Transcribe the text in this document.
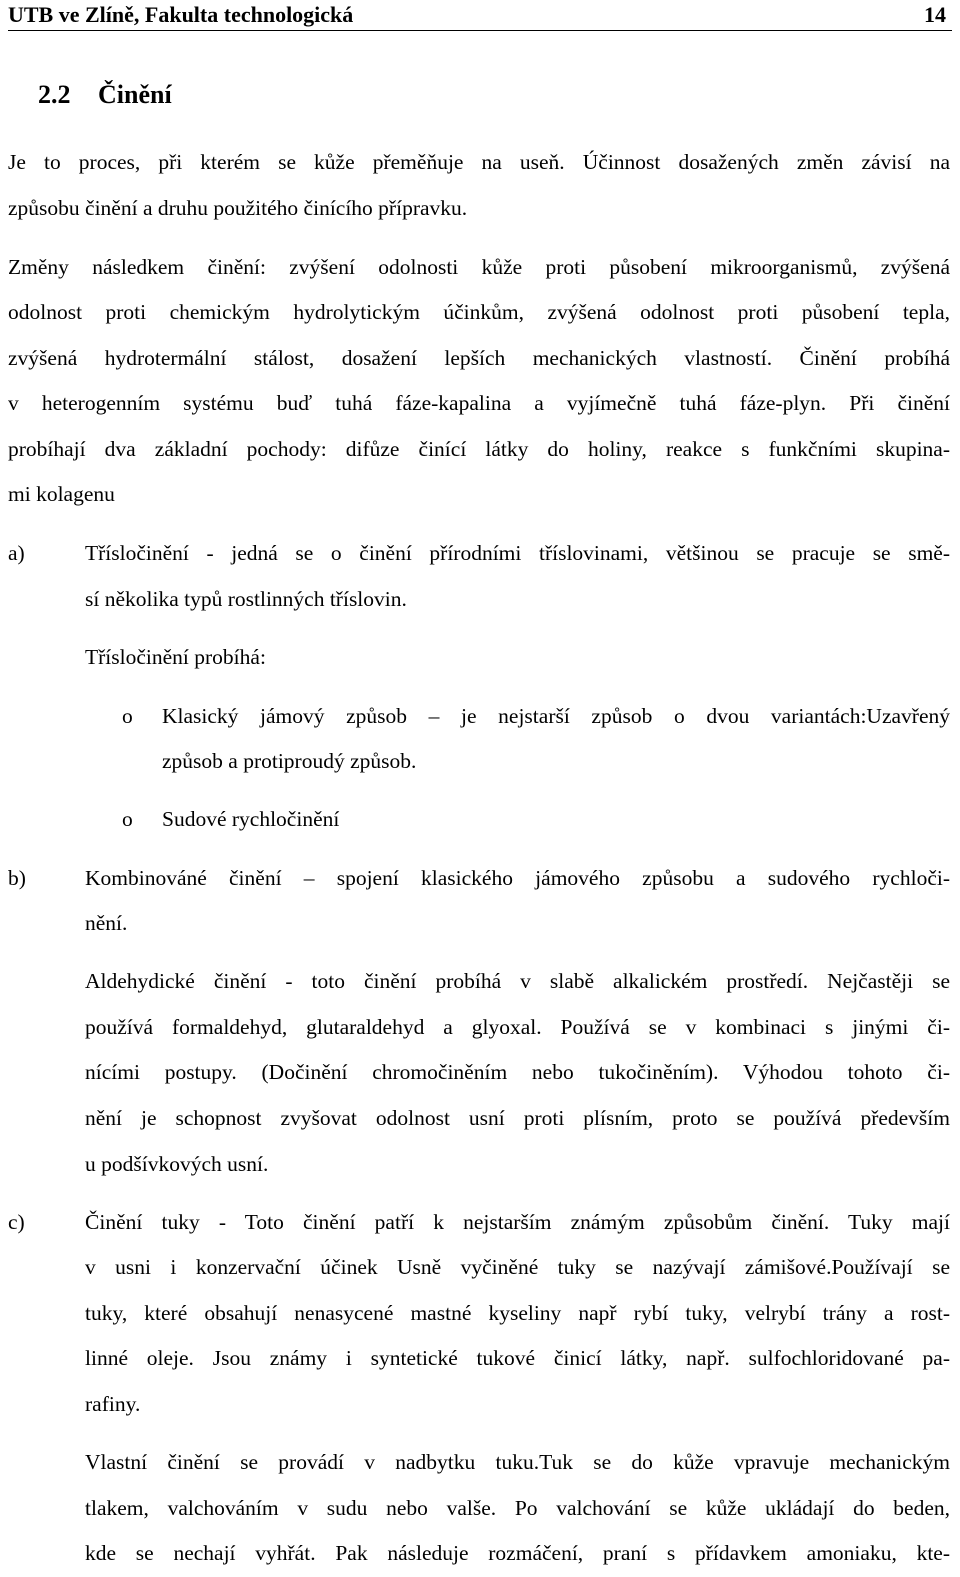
UTB ve Zlíně, Fakulta technologická	14
2.2 Činění
Je to proces, při kterém se kůže přeměňuje na useň. Účinnost dosažených změn závisí na
způsobu činění a druhu použitého činícího přípravku.
Změny následkem činění: zvýšení odolnosti kůže proti působení mikroorganismů, zvýšená
odolnost proti chemickým hydrolytickým účinkům, zvýšená odolnost proti působení tepla,
zvýšená hydrotermální stálost, dosažení lepších mechanických vlastností. Činění probíhá
v heterogenním systému buď tuhá fáze-kapalina a vyjímečně tuhá fáze-plyn. Při činění
probíhají dva základní pochody: difůze činící látky do holiny, reakce s funkčními skupina-
mi kolagenu
a)	Třísločinění - jedná se o činění přírodními tříslovinami, většinou se pracuje se smě-
sí několika typů rostlinných tříslovin.
Třísločinění probíhá:
o Klasický jámový způsob – je nejstarší způsob o dvou variantách:Uzavřený
způsob a protiproudý způsob.
o Sudové rychločinění
b)	Kombinováné činění – spojení klasického jámového způsobu a sudového rychloči-
nění.
Aldehydické činění - toto činění probíhá v slabě alkalickém prostředí. Nejčastěji se
používá formaldehyd, glutaraldehyd a glyoxal. Používá se v kombinaci s jinými či-
nícími postupy. (Dočinění chromočiněním nebo tukočiněním). Výhodou tohoto či-
nění je schopnost zvyšovat odolnost usní proti plísním, proto se používá především
u podšívkových usní.
c)	Činění tuky - Toto činění patří k nejstarším známým způsobům činění. Tuky mají
v usni i konzervační účinek Usně vyčiněné tuky se nazývají zámišové.Používají se
tuky, které obsahují nenasycené mastné kyseliny např rybí tuky, velrybí trány a rost-
linné oleje. Jsou známy i syntetické tukové činicí látky, např. sulfochloridované pa-
rafiny.
Vlastní činění se provádí v nadbytku tuku.Tuk se do kůže vpravuje mechanickým
tlakem, valchováním v sudu nebo valše. Po valchování se kůže ukládají do beden,
kde se nechají vyhřát. Pak následuje rozmáčení, praní s přídavkem amoniaku, kte-
